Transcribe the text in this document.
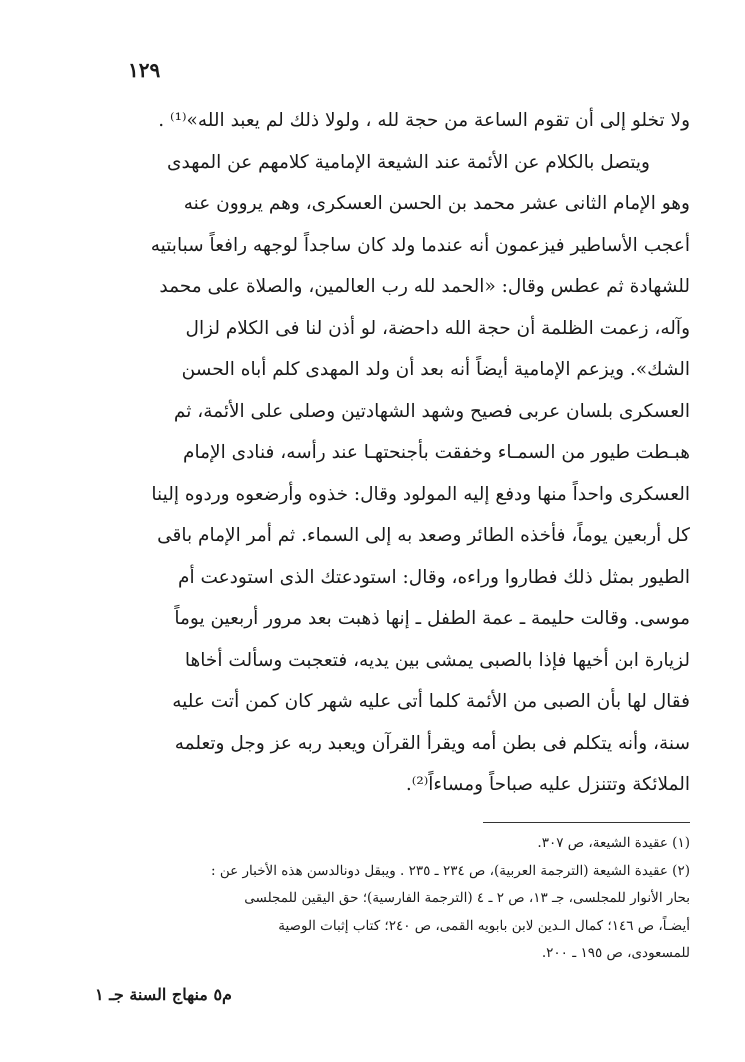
١٢٩
ولا تخلو إلى أن تقوم الساعة من حجة لله ، ولولا ذلك لم يعبد الله»⁽¹⁾ .
ويتصل بالكلام عن الأئمة عند الشيعة الإمامية كلامهم عن المهدى
وهو الإمام الثانى عشر محمد بن الحسن العسكرى، وهم يروون عنه
أعجب الأساطير فيزعمون أنه عندما ولد كان ساجداً لوجهه رافعاً سبابتيه
للشهادة ثم عطس وقال: «الحمد لله رب العالمين، والصلاة على محمد
وآله، زعمت الظلمة أن حجة الله داحضة، لو أذن لنا فى الكلام لزال
الشك». ويزعم الإمامية أيضاً أنه بعد أن ولد المهدى كلم أباه الحسن
العسكرى بلسان عربى فصيح وشهد الشهادتين وصلى على الأئمة، ثم
هبـطت طيور من السمـاء وخفقت بأجنحتهـا عند رأسه، فنادى الإمام
العسكرى واحداً منها ودفع إليه المولود وقال: خذوه وأرضعوه وردوه إلينا
كل أربعين يوماً، فأخذه الطائر وصعد به إلى السماء. ثم أمر الإمام باقى
الطيور بمثل ذلك فطاروا وراءه، وقال: استودعتك الذى استودعت أم
موسى. وقالت حليمة ـ عمة الطفل ـ إنها ذهبت بعد مرور أربعين يوماً
لزيارة ابن أخيها فإذا بالصبى يمشى بين يديه، فتعجبت وسألت أخاها
فقال لها بأن الصبى من الأئمة كلما أتى عليه شهر كان كمن أتت عليه
سنة، وأنه يتكلم فى بطن أمه ويقرأ القرآن ويعبد ربه عز وجل وتعلمه
الملائكة وتتنزل عليه صباحاً ومساءاً⁽²⁾.
(١) عقيدة الشيعة، ص ٣٠٧.
(٢) عقيدة الشيعة (الترجمة العربية)، ص ٢٣٤ ـ ٢٣٥ . ويبقل دونالدسن هذه الأخبار عن :
بحار الأنوار للمجلسى، جـ ١٣، ص ٢ ـ ٤ (الترجمة الفارسية)؛ حق اليقين للمجلسى
أيضـاً، ص ١٤٦؛ كمال الـدين لابن بابويه القمى، ص ٢٤٠؛ كتاب إثبات الوصية
للمسعودى، ص ١٩٥ ـ ٢٠٠.
م٥ منهاج السنة جـ ١
